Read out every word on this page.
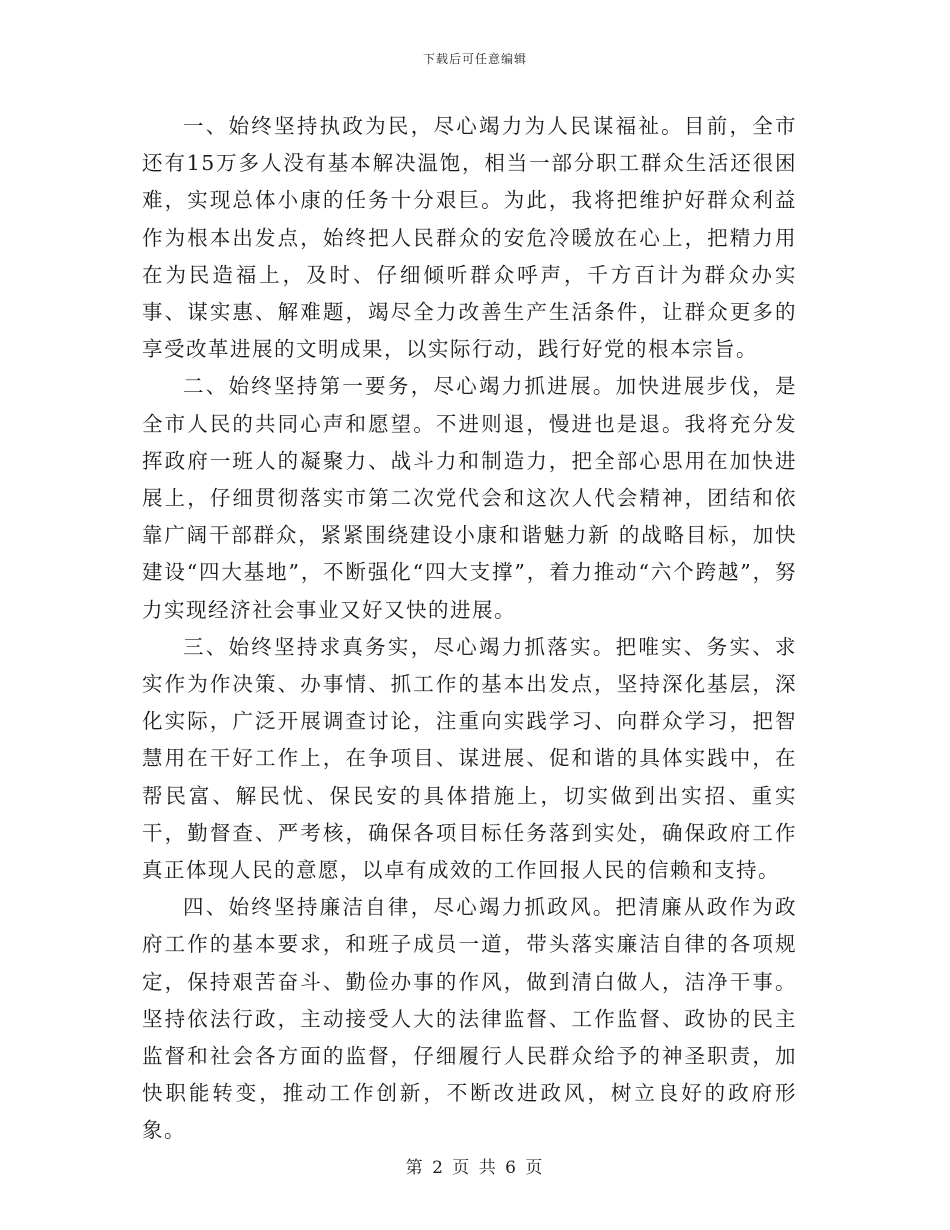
下载后可任意编辑

一、始终坚持执政为民，尽心竭力为人民谋福祉。目前，全市还有15万多人没有基本解决温饱，相当一部分职工群众生活还很困难，实现总体小康的任务十分艰巨。为此，我将把维护好群众利益作为根本出发点，始终把人民群众的安危冷暖放在心上，把精力用在为民造福上，及时、仔细倾听群众呼声，千方百计为群众办实事、谋实惠、解难题，竭尽全力改善生产生活条件，让群众更多的享受改革进展的文明成果，以实际行动，践行好党的根本宗旨。

二、始终坚持第一要务，尽心竭力抓进展。加快进展步伐，是全市人民的共同心声和愿望。不进则退，慢进也是退。我将充分发挥政府一班人的凝聚力、战斗力和制造力，把全部心思用在加快进展上，仔细贯彻落实市第二次党代会和这次人代会精神，团结和依靠广阔干部群众，紧紧围绕建设小康和谐魅力新 的战略目标，加快建设“四大基地”，不断强化“四大支撑”，着力推动“六个跨越”，努力实现经济社会事业又好又快的进展。

三、始终坚持求真务实，尽心竭力抓落实。把唯实、务实、求实作为作决策、办事情、抓工作的基本出发点，坚持深化基层，深化实际，广泛开展调查讨论，注重向实践学习、向群众学习，把智慧用在干好工作上，在争项目、谋进展、促和谐的具体实践中，在帮民富、解民忧、保民安的具体措施上，切实做到出实招、重实干，勤督查、严考核，确保各项目标任务落到实处，确保政府工作真正体现人民的意愿，以卓有成效的工作回报人民的信赖和支持。

四、始终坚持廉洁自律，尽心竭力抓政风。把清廉从政作为政府工作的基本要求，和班子成员一道，带头落实廉洁自律的各项规定，保持艰苦奋斗、勤俭办事的作风，做到清白做人，洁净干事。坚持依法行政，主动接受人大的法律监督、工作监督、政协的民主监督和社会各方面的监督，仔细履行人民群众给予的神圣职责，加快职能转变，推动工作创新，不断改进政风，树立良好的政府形象。

第 2 页 共 6 页
